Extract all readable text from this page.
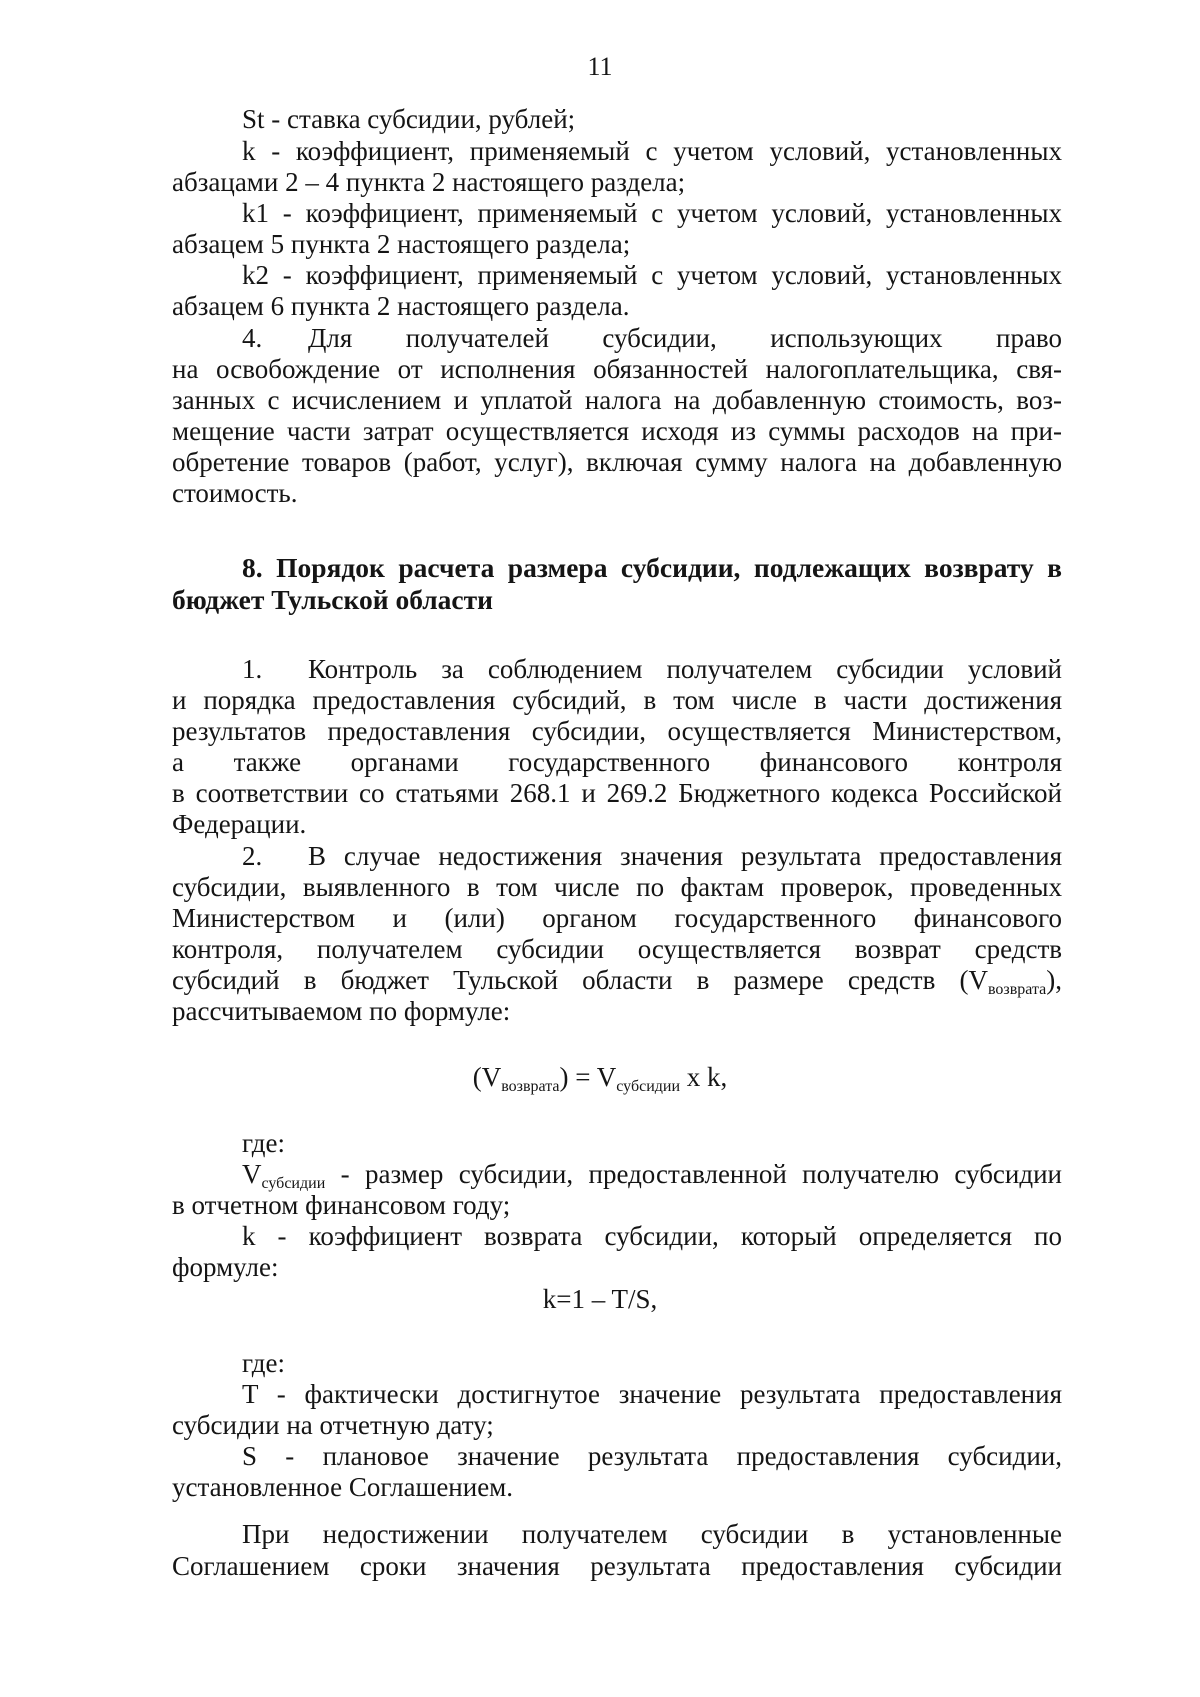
11
St - ставка субсидии, рублей;
k - коэффициент, применяемый с учетом условий, установленных
абзацами 2 – 4 пункта 2 настоящего раздела;
k1 - коэффициент, применяемый с учетом условий, установленных
абзацем 5 пункта 2 настоящего раздела;
k2 - коэффициент, применяемый с учетом условий, установленных
абзацем 6 пункта 2 настоящего раздела.
4. Для получателей субсидии, использующих право
на освобождение от исполнения обязанностей налогоплательщика, свя-
занных с исчислением и уплатой налога на добавленную стоимость, воз-
мещение части затрат осуществляется исходя из суммы расходов на при-
обретение товаров (работ, услуг), включая сумму налога на добавленную
стоимость.
8. Порядок расчета размера субсидии, подлежащих возврату в
бюджет Тульской области
1. Контроль за соблюдением получателем субсидии условий
и порядка предоставления субсидий, в том числе в части достижения
результатов предоставления субсидии, осуществляется Министерством,
а также органами государственного финансового контроля
в соответствии со статьями 268.1 и 269.2 Бюджетного кодекса Российской
Федерации.
2. В случае недостижения значения результата предоставления
субсидии, выявленного в том числе по фактам проверок, проведенных
Министерством и (или) органом государственного финансового
контроля, получателем субсидии осуществляется возврат средств
субсидий в бюджет Тульской области в размере средств $(V_{возврата})$,
рассчитываемом по формуле:
$(V_{возврата}) = V_{субсидии}$ x k,
где:
$V_{субсидии}$ - размер субсидии, предоставленной получателю субсидии
в отчетном финансовом году;
k - коэффициент возврата субсидии, который определяется по
формуле:
k=1 – T/S,
где:
T - фактически достигнутое значение результата предоставления
субсидии на отчетную дату;
S - плановое значение результата предоставления субсидии,
установленное Соглашением.
При недостижении получателем субсидии в установленные
Соглашением сроки значения результата предоставления субсидии
